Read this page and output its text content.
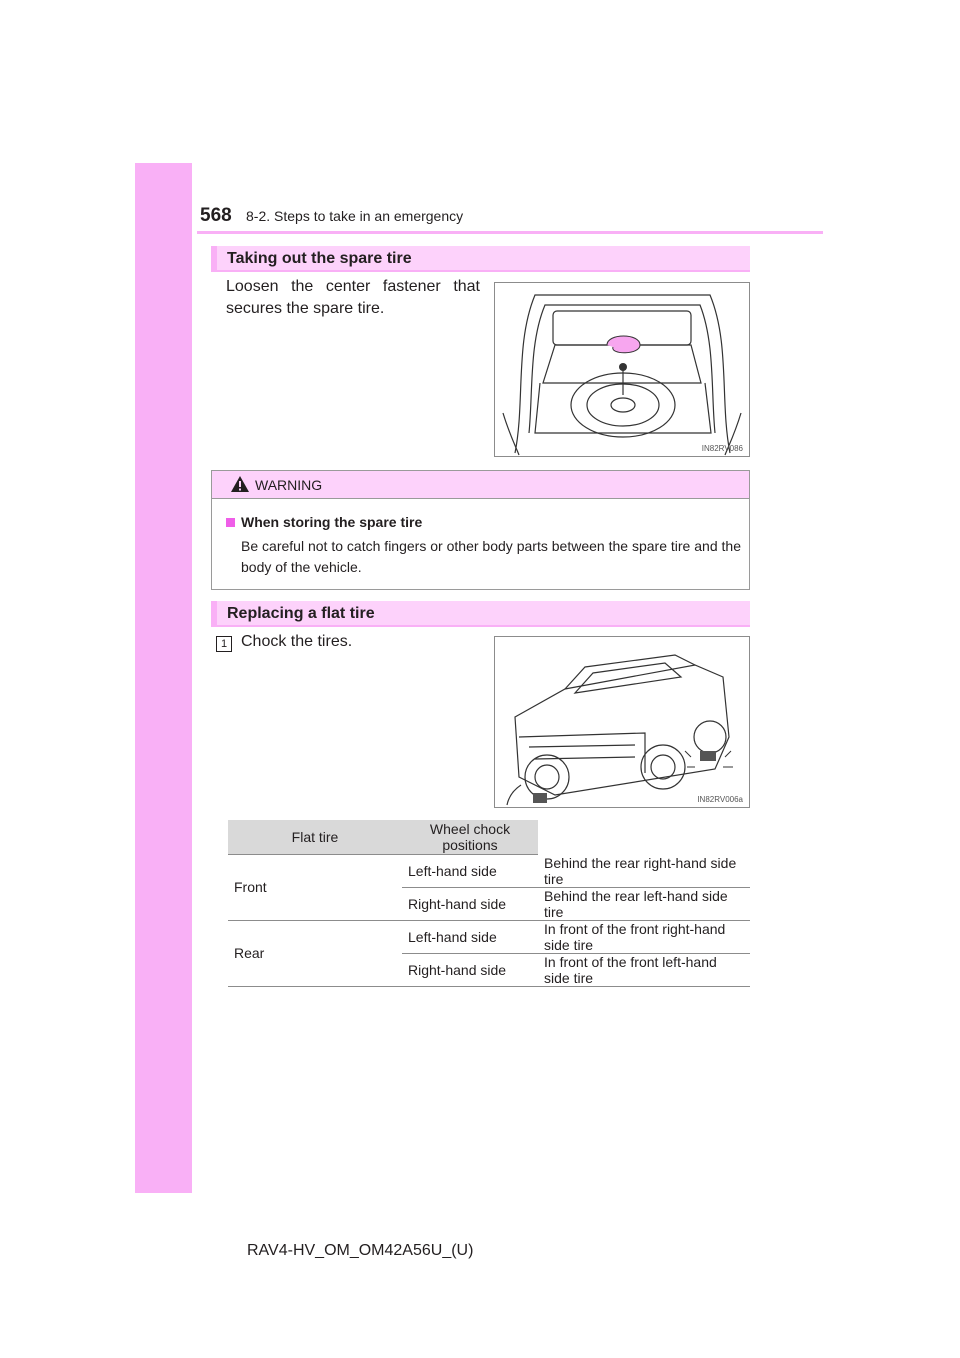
568 8-2. Steps to take in an emergency
Taking out the spare tire
Loosen the center fastener that secures the spare tire.
IN82RV086
WARNING
When storing the spare tire
Be careful not to catch fingers or other body parts between the spare tire and the body of the vehicle.
Replacing a flat tire
1 Chock the tires.
IN82RV006a
Flat tire	Wheel chock positions	
Front	Left-hand side	Behind the rear right-hand side tire
	Right-hand side	Behind the rear left-hand side tire
Rear	Left-hand side	In front of the front right-hand side tire
	Right-hand side	In front of the front left-hand side tire
RAV4-HV_OM_OM42A56U_(U)
